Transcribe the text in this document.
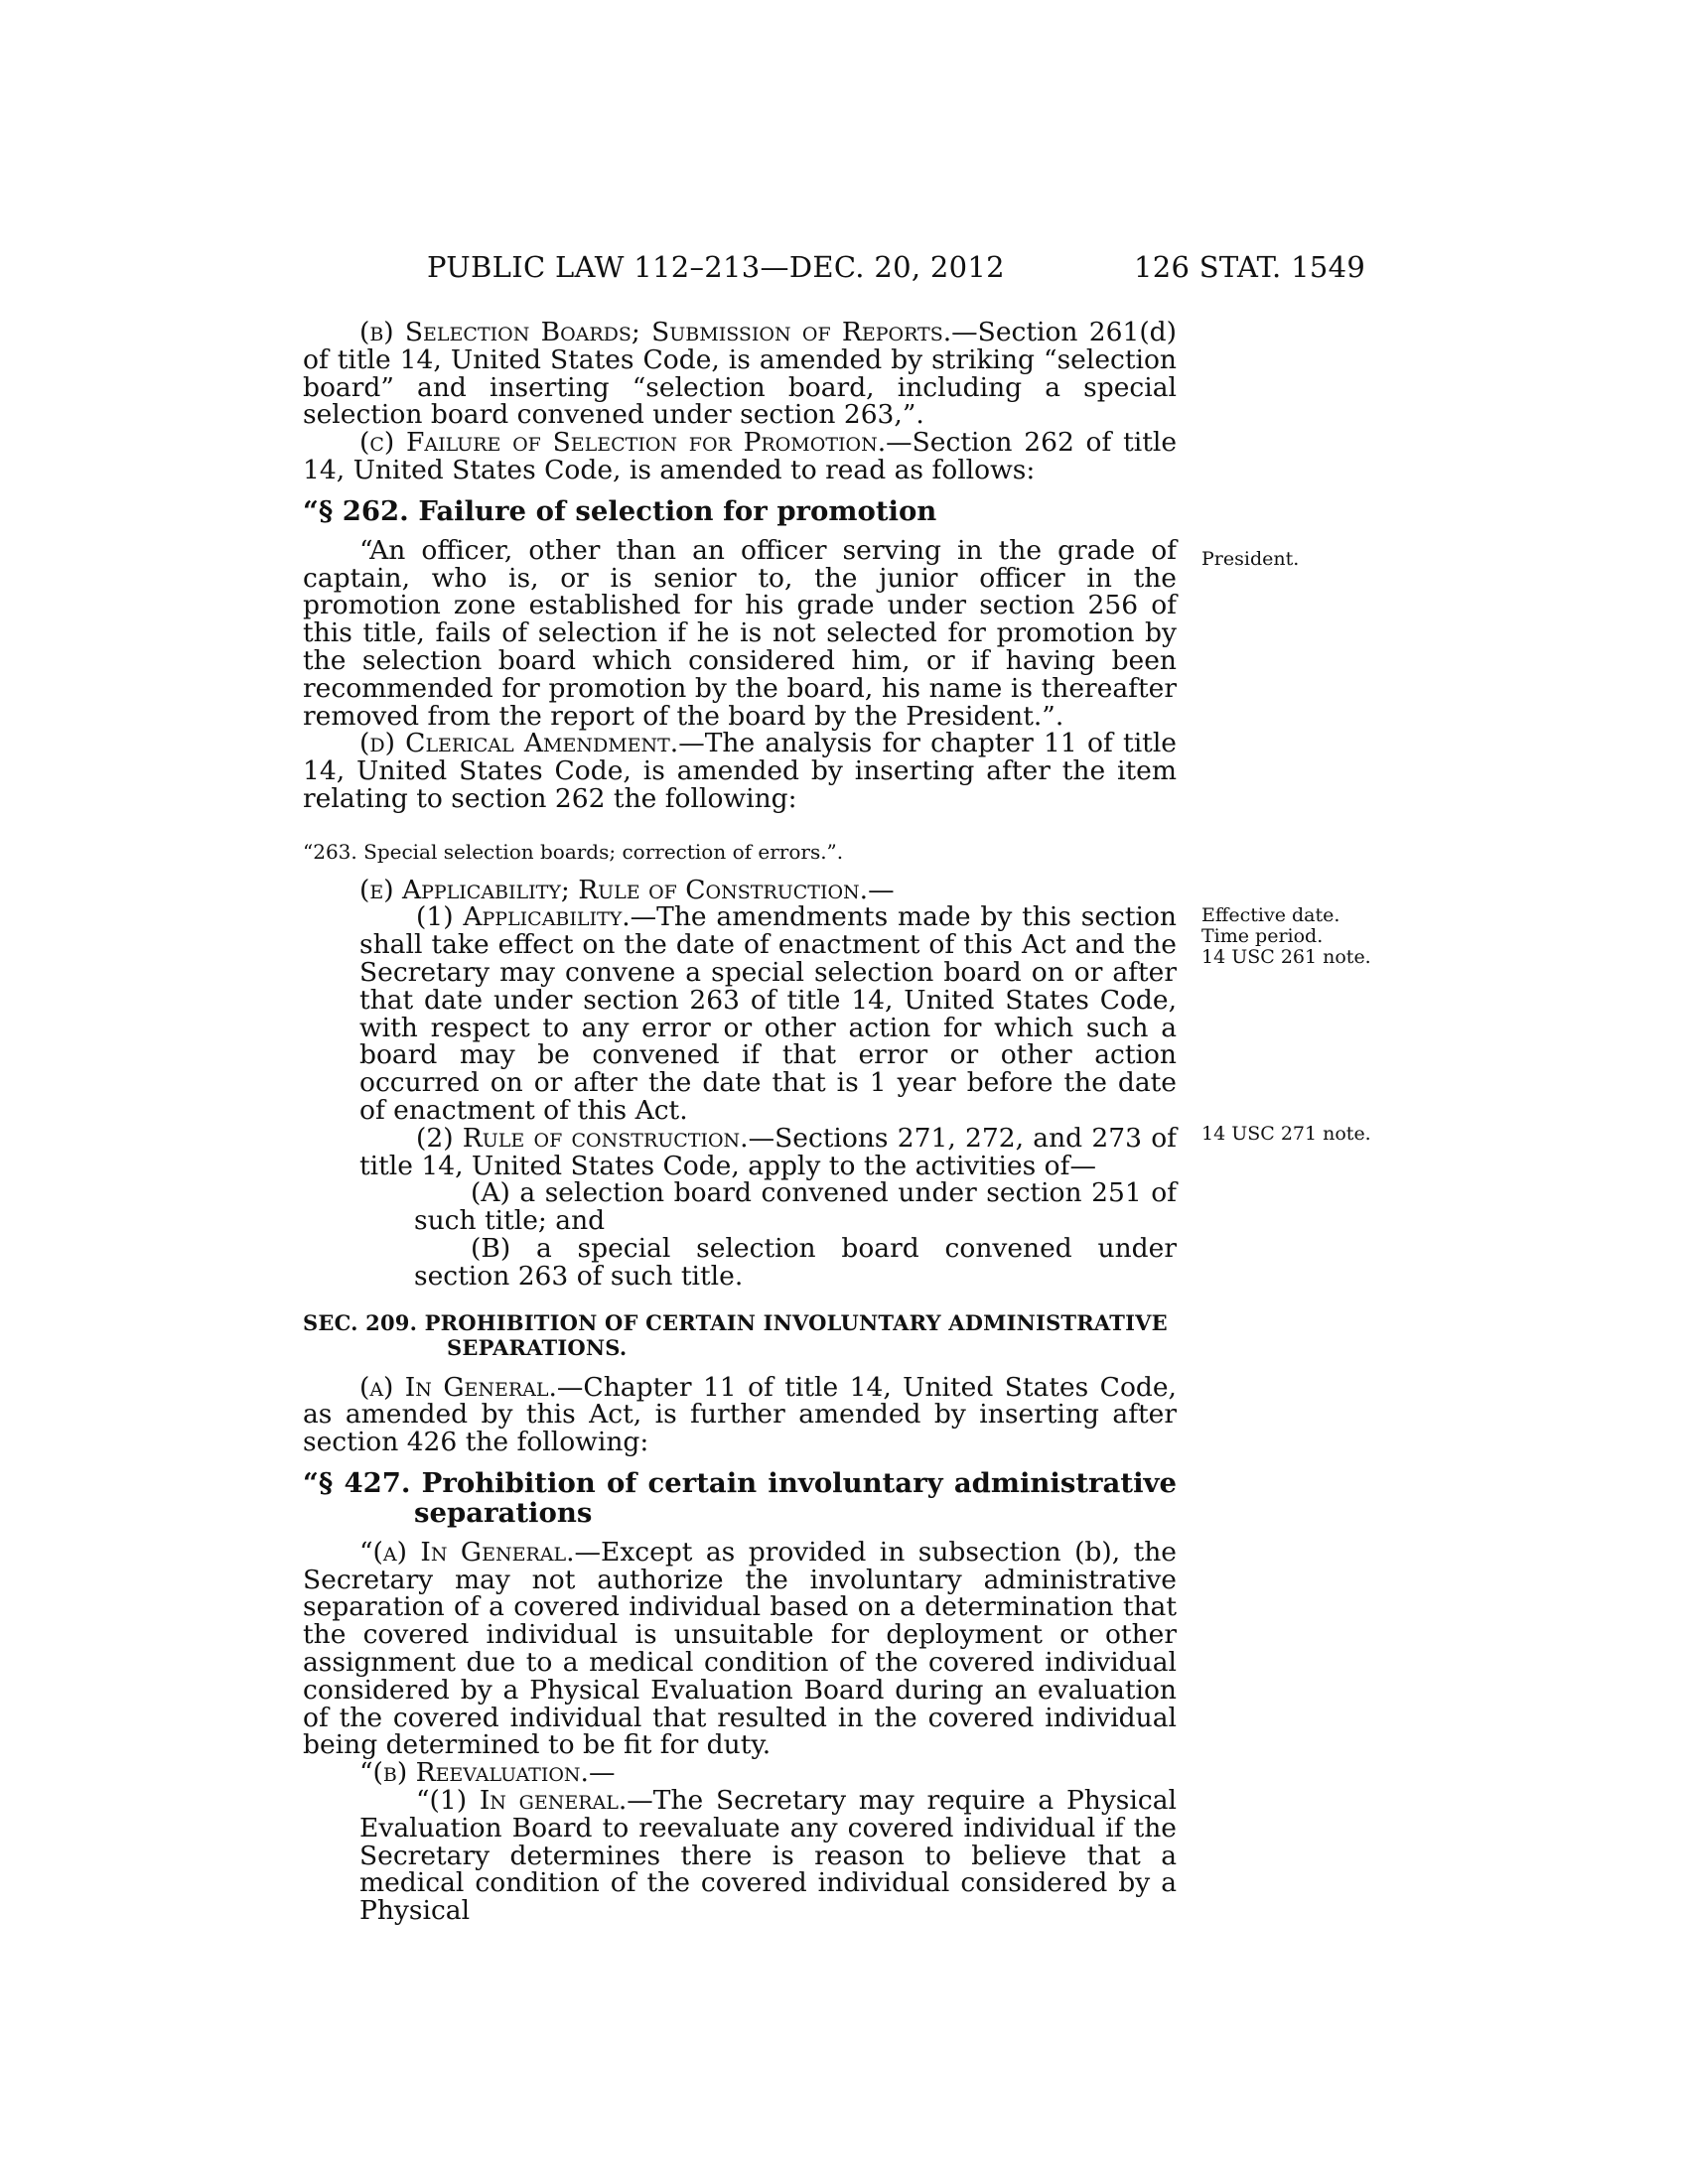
PUBLIC LAW 112–213—DEC. 20, 2012	126 STAT. 1549

(b) Selection Boards; Submission of Reports.—Section 261(d) of title 14, United States Code, is amended by striking “selection board” and inserting “selection board, including a special selection board convened under section 263,”.

(c) Failure of Selection for Promotion.—Section 262 of title 14, United States Code, is amended to read as follows:

“§ 262. Failure of selection for promotion

“An officer, other than an officer serving in the grade of captain, who is, or is senior to, the junior officer in the promotion zone established for his grade under section 256 of this title, fails of selection if he is not selected for promotion by the selection board which considered him, or if having been recommended for promotion by the board, his name is thereafter removed from the report of the board by the President.”.

(d) Clerical Amendment.—The analysis for chapter 11 of title 14, United States Code, is amended by inserting after the item relating to section 262 the following:

“263. Special selection boards; correction of errors.”.

(e) Applicability; Rule of Construction.—

(1) Applicability.—The amendments made by this section shall take effect on the date of enactment of this Act and the Secretary may convene a special selection board on or after that date under section 263 of title 14, United States Code, with respect to any error or other action for which such a board may be convened if that error or other action occurred on or after the date that is 1 year before the date of enactment of this Act.

(2) Rule of construction.—Sections 271, 272, and 273 of title 14, United States Code, apply to the activities of—

(A) a selection board convened under section 251 of such title; and

(B) a special selection board convened under section 263 of such title.

SEC. 209. PROHIBITION OF CERTAIN INVOLUNTARY ADMINISTRATIVE SEPARATIONS.

(a) In General.—Chapter 11 of title 14, United States Code, as amended by this Act, is further amended by inserting after section 426 the following:

“§ 427. Prohibition of certain involuntary administrative separations

“(a) In General.—Except as provided in subsection (b), the Secretary may not authorize the involuntary administrative separation of a covered individual based on a determination that the covered individual is unsuitable for deployment or other assignment due to a medical condition of the covered individual considered by a Physical Evaluation Board during an evaluation of the covered individual that resulted in the covered individual being determined to be fit for duty.

“(b) Reevaluation.—

“(1) In general.—The Secretary may require a Physical Evaluation Board to reevaluate any covered individual if the Secretary determines there is reason to believe that a medical condition of the covered individual considered by a Physical

President.
Effective date.
Time period.
14 USC 261 note.
14 USC 271 note.
